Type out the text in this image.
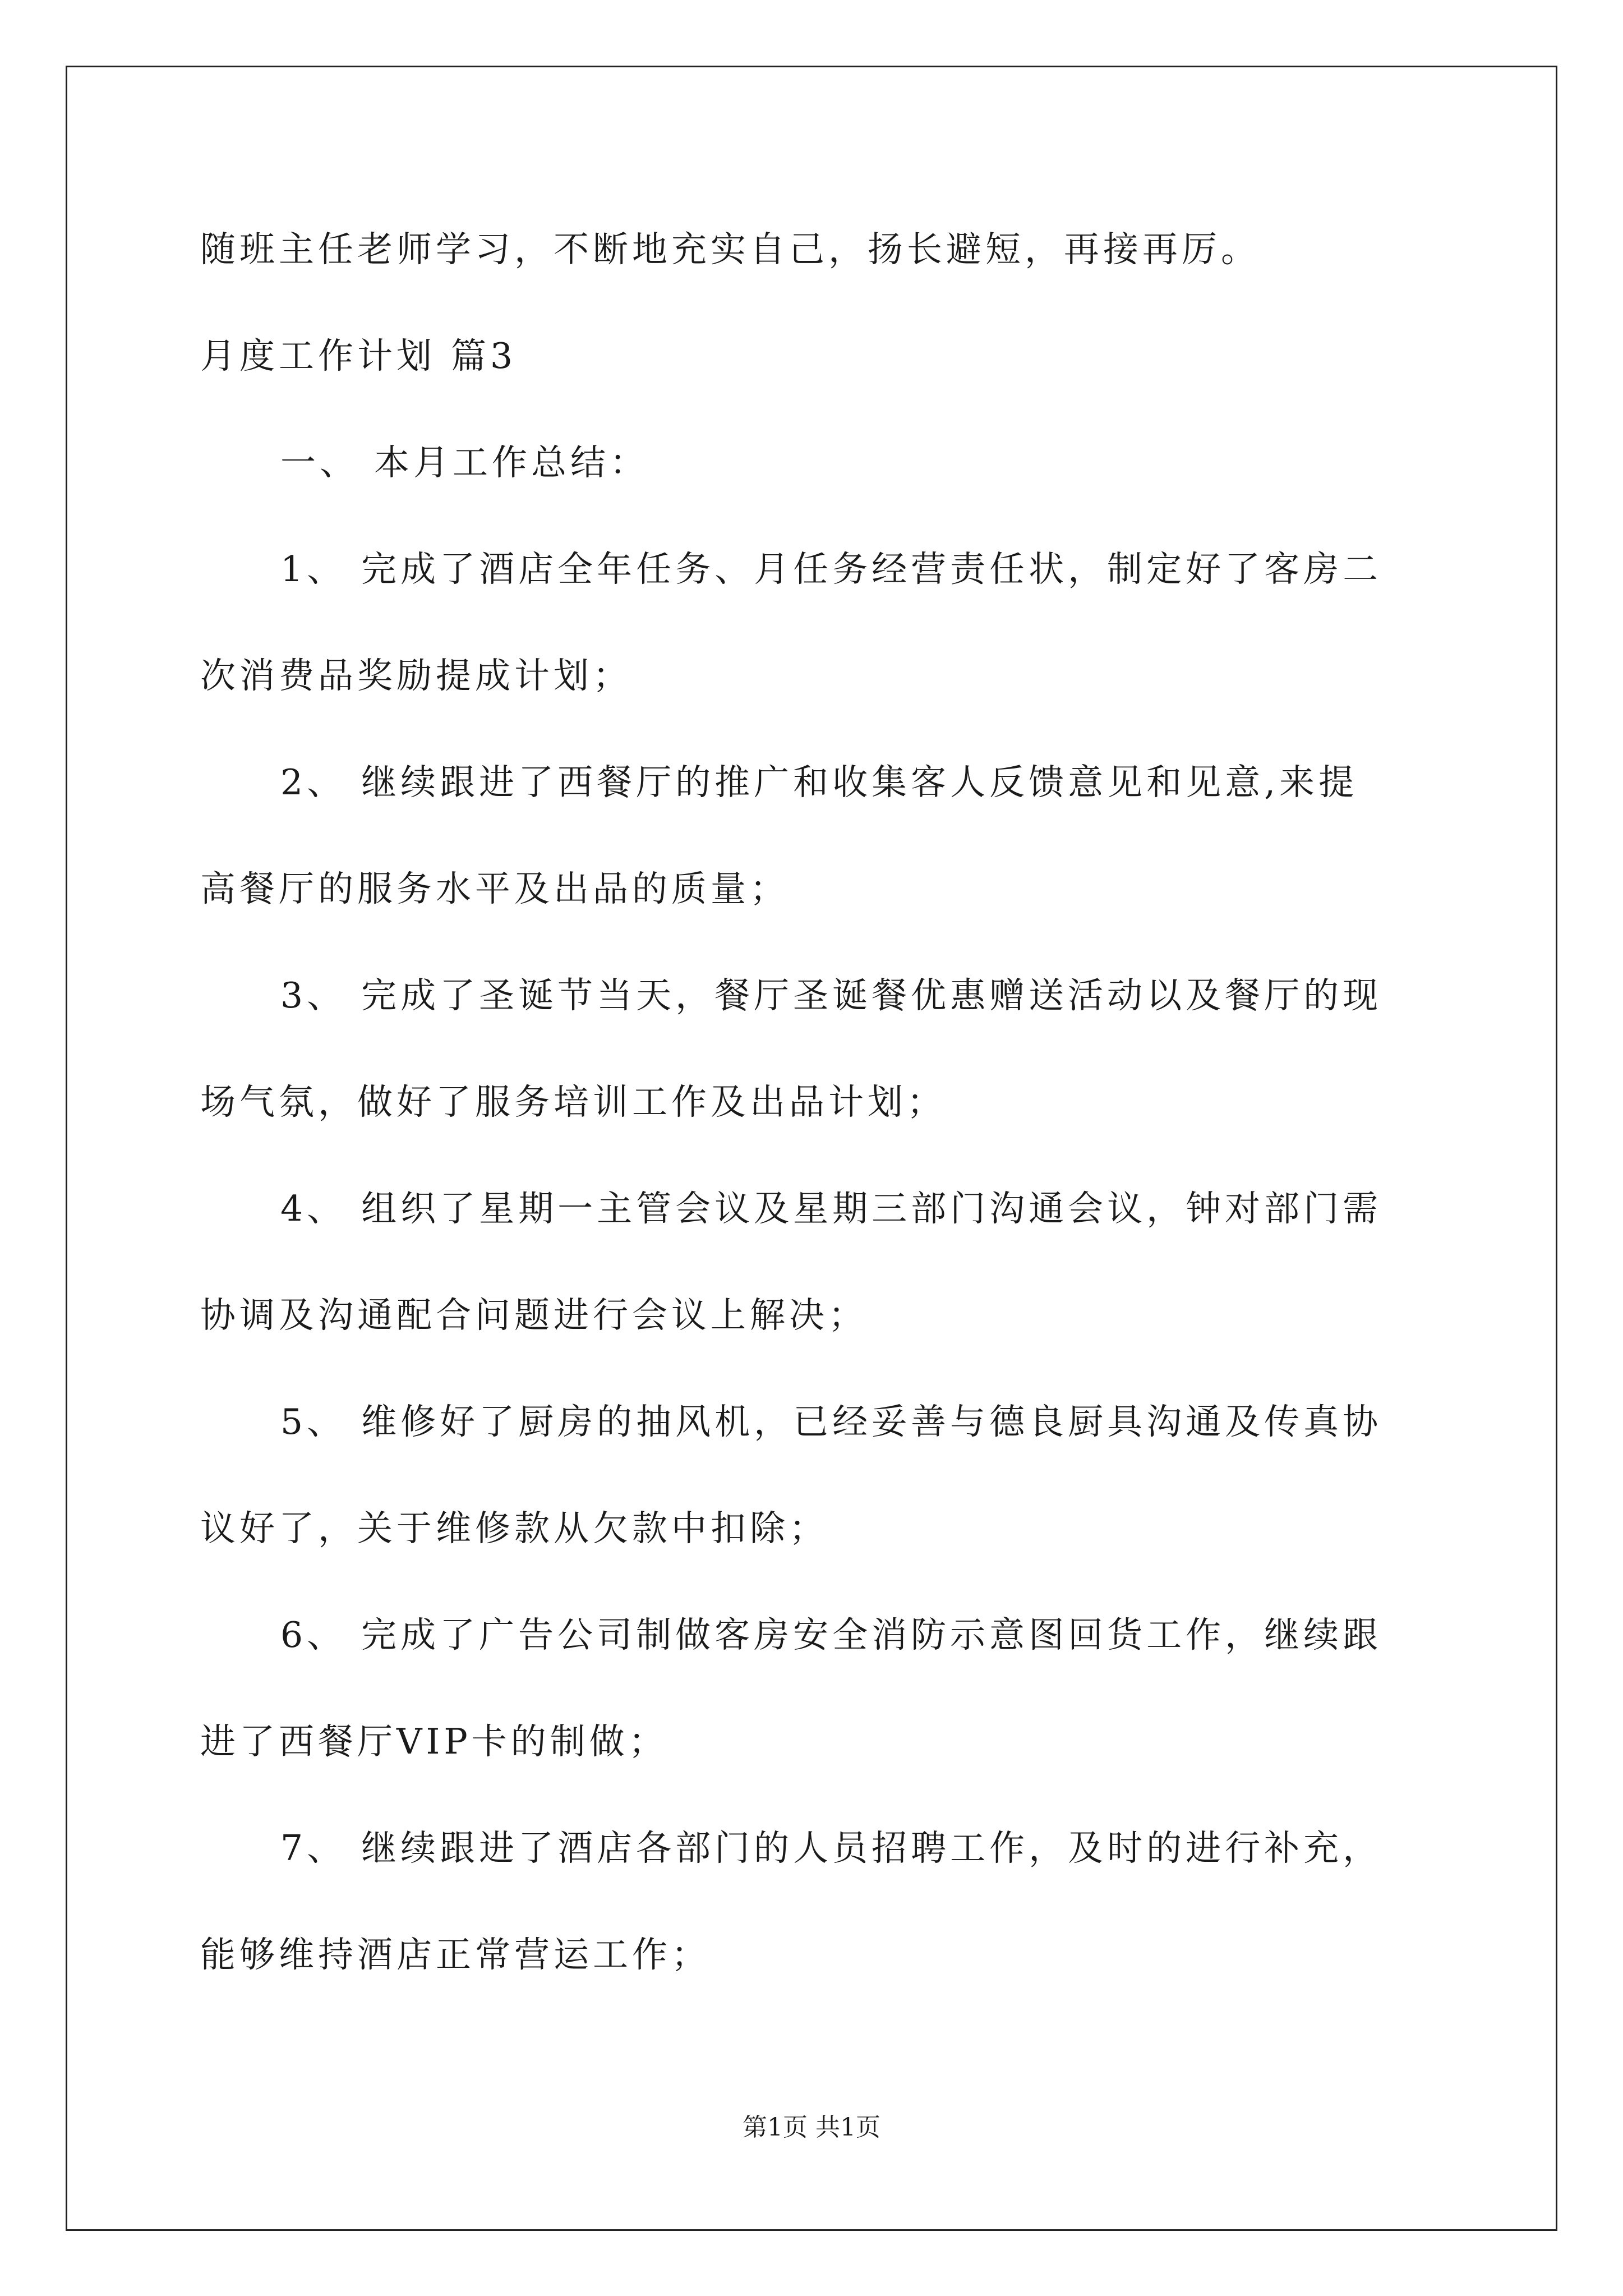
随班主任老师学习，不断地充实自己，扬长避短，再接再厉。
月度工作计划 篇3
一、 本月工作总结：
1、 完成了酒店全年任务、月任务经营责任状，制定好了客房二
次消费品奖励提成计划；
2、 继续跟进了西餐厅的推广和收集客人反馈意见和见意,来提
高餐厅的服务水平及出品的质量；
3、 完成了圣诞节当天，餐厅圣诞餐优惠赠送活动以及餐厅的现
场气氛，做好了服务培训工作及出品计划；
4、 组织了星期一主管会议及星期三部门沟通会议，钟对部门需
协调及沟通配合问题进行会议上解决；
5、 维修好了厨房的抽风机，已经妥善与德良厨具沟通及传真协
议好了，关于维修款从欠款中扣除；
6、 完成了广告公司制做客房安全消防示意图回货工作，继续跟
进了西餐厅VIP卡的制做；
7、 继续跟进了酒店各部门的人员招聘工作，及时的进行补充，
能够维持酒店正常营运工作；
第1页 共1页
